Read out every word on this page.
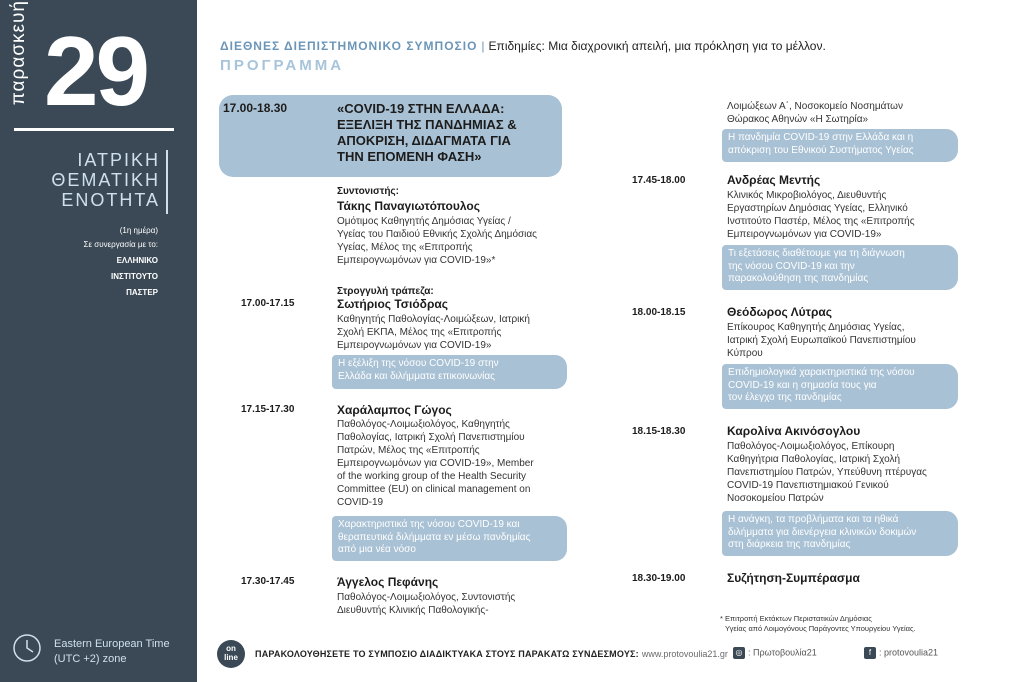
παρασκευή 29
ΙΑΤΡΙΚΗ
ΘΕΜΑΤΙΚΗ
ΕΝΟΤΗΤΑ
(1η ημέρα)
Σε συνεργασία με το:
ΕΛΛΗΝΙΚΟ
ΙΝΣΤΙΤΟΥΤΟ
ΠΑΣΤΕΡ
Eastern European Time
(UTC +2) zone
ΔΙΕΘΝΕΣ ΔΙΕΠΙΣΤΗΜΟΝΙΚΟ ΣΥΜΠΟΣΙΟ | Επιδημίες: Μια διαχρονική απειλή, μια πρόκληση για το μέλλον.
ΠΡΟΓΡΑΜΜΑ
17.00-18.30	«COVID-19 ΣΤΗΝ ΕΛΛΑΔΑ:
ΕΞΕΛΙΞΗ ΤΗΣ ΠΑΝΔΗΜΙΑΣ &
ΑΠΟΚΡΙΣΗ, ΔΙΔΑΓΜΑΤΑ ΓΙΑ
ΤΗΝ ΕΠΟΜΕΝΗ ΦΑΣΗ»
Συντονιστής:
Τάκης Παναγιωτόπουλος
Ομότιμος Καθηγητής Δημόσιας Υγείας /
Υγείας του Παιδιού Εθνικής Σχολής Δημόσιας
Υγείας, Μέλος της «Επιτροπής
Εμπειρογνωμόνων για COVID-19»*
Στρογγυλή τράπεζα:
17.00-17.15	Σωτήριος Τσιόδρας
Καθηγητής Παθολογίας-Λοιμώξεων, Ιατρική
Σχολή ΕΚΠΑ, Μέλος της «Επιτροπής
Εμπειρογνωμόνων για COVID-19»
Η εξέλιξη της νόσου COVID-19 στην
Ελλάδα και διλήμματα επικοινωνίας
17.15-17.30	Χαράλαμπος Γώγος
Παθολόγος-Λοιμωξιολόγος, Καθηγητής
Παθολογίας, Ιατρική Σχολή Πανεπιστημίου
Πατρών, Μέλος της «Επιτροπής
Εμπειρογνωμόνων για COVID-19», Member
of the working group of the Health Security
Committee (EU) on clinical management on
COVID-19
Χαρακτηριστικά της νόσου COVID-19 και
θεραπευτικά διλήμματα εν μέσω πανδημίας
από μια νέα νόσο
17.30-17.45	Άγγελος Πεφάνης
Παθολόγος-Λοιμωξιολόγος, Συντονιστής
Διευθυντής Κλινικής Παθολογικής-
Λοιμώξεων Α΄, Νοσοκομείο Νοσημάτων
Θώρακος Αθηνών «Η Σωτηρία»
Η πανδημία COVID-19 στην Ελλάδα και η
απόκριση του Εθνικού Συστήματος Υγείας
17.45-18.00	Ανδρέας Μεντής
Κλινικός Μικροβιολόγος, Διευθυντής
Εργαστηρίων Δημόσιας Υγείας, Ελληνικό
Ινστιτούτο Παστέρ, Μέλος της «Επιτροπής
Εμπειρογνωμόνων για COVID-19»
Τι εξετάσεις διαθέτουμε για τη διάγνωση
της νόσου COVID-19 και την
παρακολούθηση της πανδημίας
18.00-18.15	Θεόδωρος Λύτρας
Επίκουρος Καθηγητής Δημόσιας Υγείας,
Ιατρική Σχολή Ευρωπαϊκού Πανεπιστημίου
Κύπρου
Επιδημιολογικά χαρακτηριστικά της νόσου
COVID-19 και η σημασία τους για
τον έλεγχο της πανδημίας
18.15-18.30	Καρολίνα Ακινόσογλου
Παθολόγος-Λοιμωξιολόγος, Επίκουρη
Καθηγήτρια Παθολογίας, Ιατρική Σχολή
Πανεπιστημίου Πατρών, Υπεύθυνη πτέρυγας
COVID-19 Πανεπιστημιακού Γενικού
Νοσοκομείου Πατρών
Η ανάγκη, τα προβλήματα και τα ηθικά
διλήμματα για διενέργεια κλινικών δοκιμών
στη διάρκεια της πανδημίας
18.30-19.00	Συζήτηση-Συμπέρασμα
* Επιτροπή Εκτάκτων Περιστατικών Δημόσιας
Υγείας από Λοιμογόνους Παράγοντες Υπουργείου Υγείας.
on
line	ΠΑΡΑΚΟΛΟΥΘΗΣΕΤΕ ΤΟ ΣΥΜΠΟΣΙΟ ΔΙΑΔΙΚΤΥΑΚΑ ΣΤΟΥΣ ΠΑΡΑΚΑΤΩ ΣΥΝΔΕΣΜΟΥΣ: www.protovoulia21.gr ◎ : Πρωτοβουλία21	f : protovoulia21
